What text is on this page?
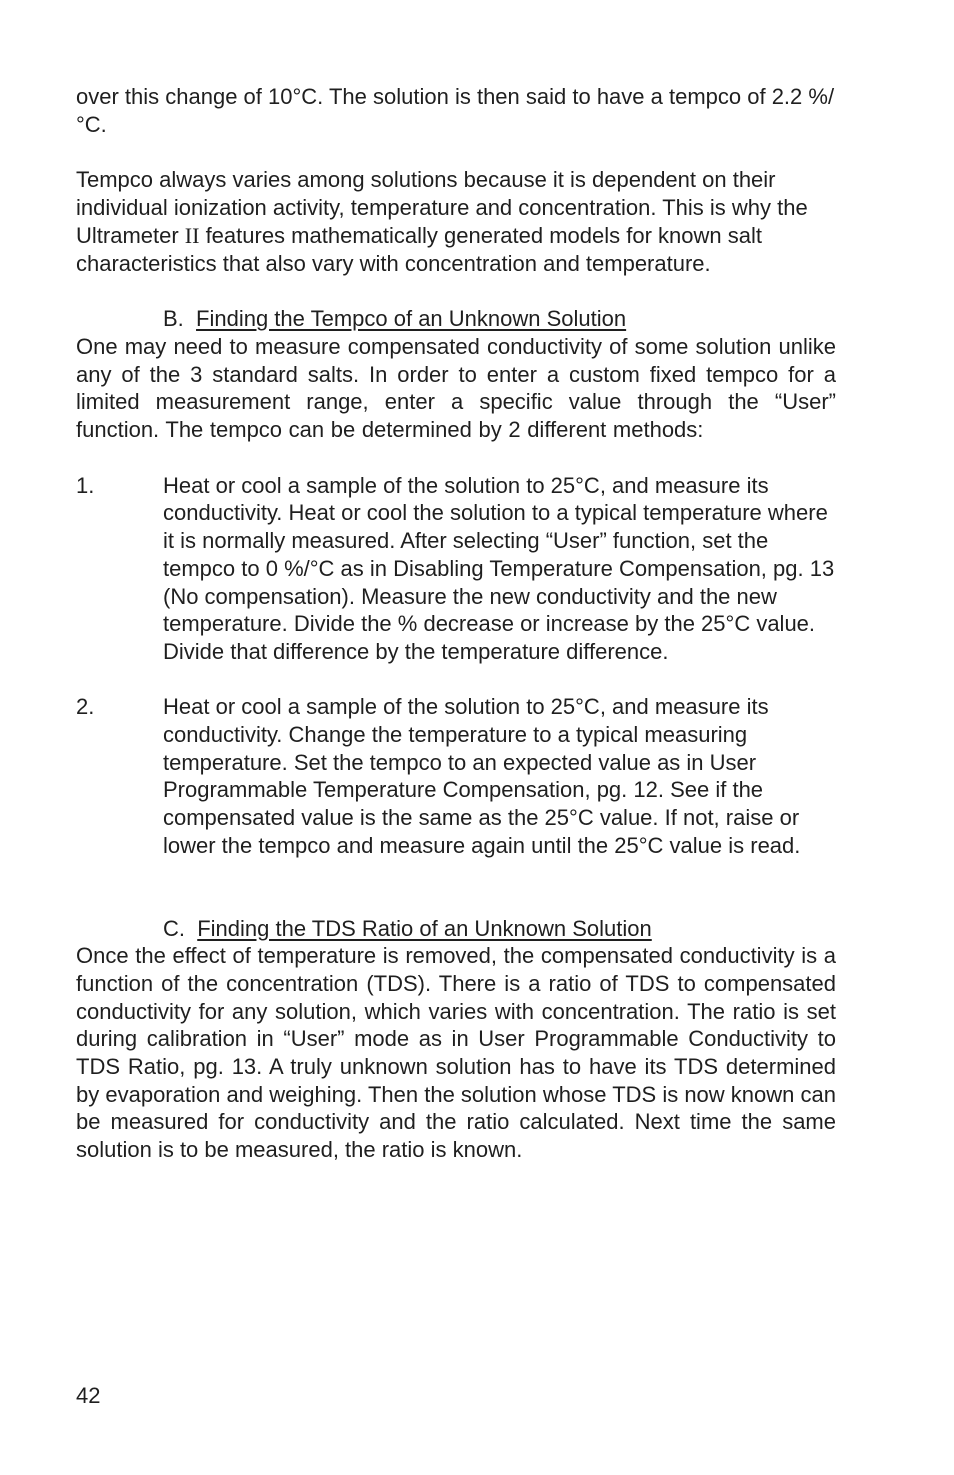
over this change of 10°C. The solution is then said to have a tempco of 2.2 %/°C.

Tempco always varies among solutions because it is dependent on their individual ionization activity, temperature and concentration. This is why the Ultrameter II features mathematically generated models for known salt characteristics that also vary with concentration and temperature.

B. Finding the Tempco of an Unknown Solution

One may need to measure compensated conductivity of some solution unlike any of the 3 standard salts. In order to enter a custom fixed tempco for a limited measurement range, enter a specific value through the “User” function. The tempco can be determined by 2 different methods:

1.	Heat or cool a sample of the solution to 25°C, and measure its conductivity. Heat or cool the solution to a typical temperature where it is normally measured. After selecting “User” function, set the tempco to 0 %/°C as in Disabling Temperature Compensation, pg. 13 (No compensation). Measure the new conductivity and the new temperature. Divide the % decrease or increase by the 25°C value. Divide that difference by the temperature difference.
2.	Heat or cool a sample of the solution to 25°C, and measure its conductivity. Change the temperature to a typical measuring temperature. Set the tempco to an expected value as in User Programmable Temperature Compensation, pg. 12. See if the compensated value is the same as the 25°C value. If not, raise or lower the tempco and measure again until the 25°C value is read.
C. Finding the TDS Ratio of an Unknown Solution

Once the effect of temperature is removed, the compensated conductivity is a function of the concentration (TDS). There is a ratio of TDS to compensated conductivity for any solution, which varies with concentration. The ratio is set during calibration in “User” mode as in User Programmable Conductivity to TDS Ratio, pg. 13. A truly unknown solution has to have its TDS determined by evaporation and weighing. Then the solution whose TDS is now known can be measured for conductivity and the ratio calculated. Next time the same solution is to be measured, the ratio is known.

42
